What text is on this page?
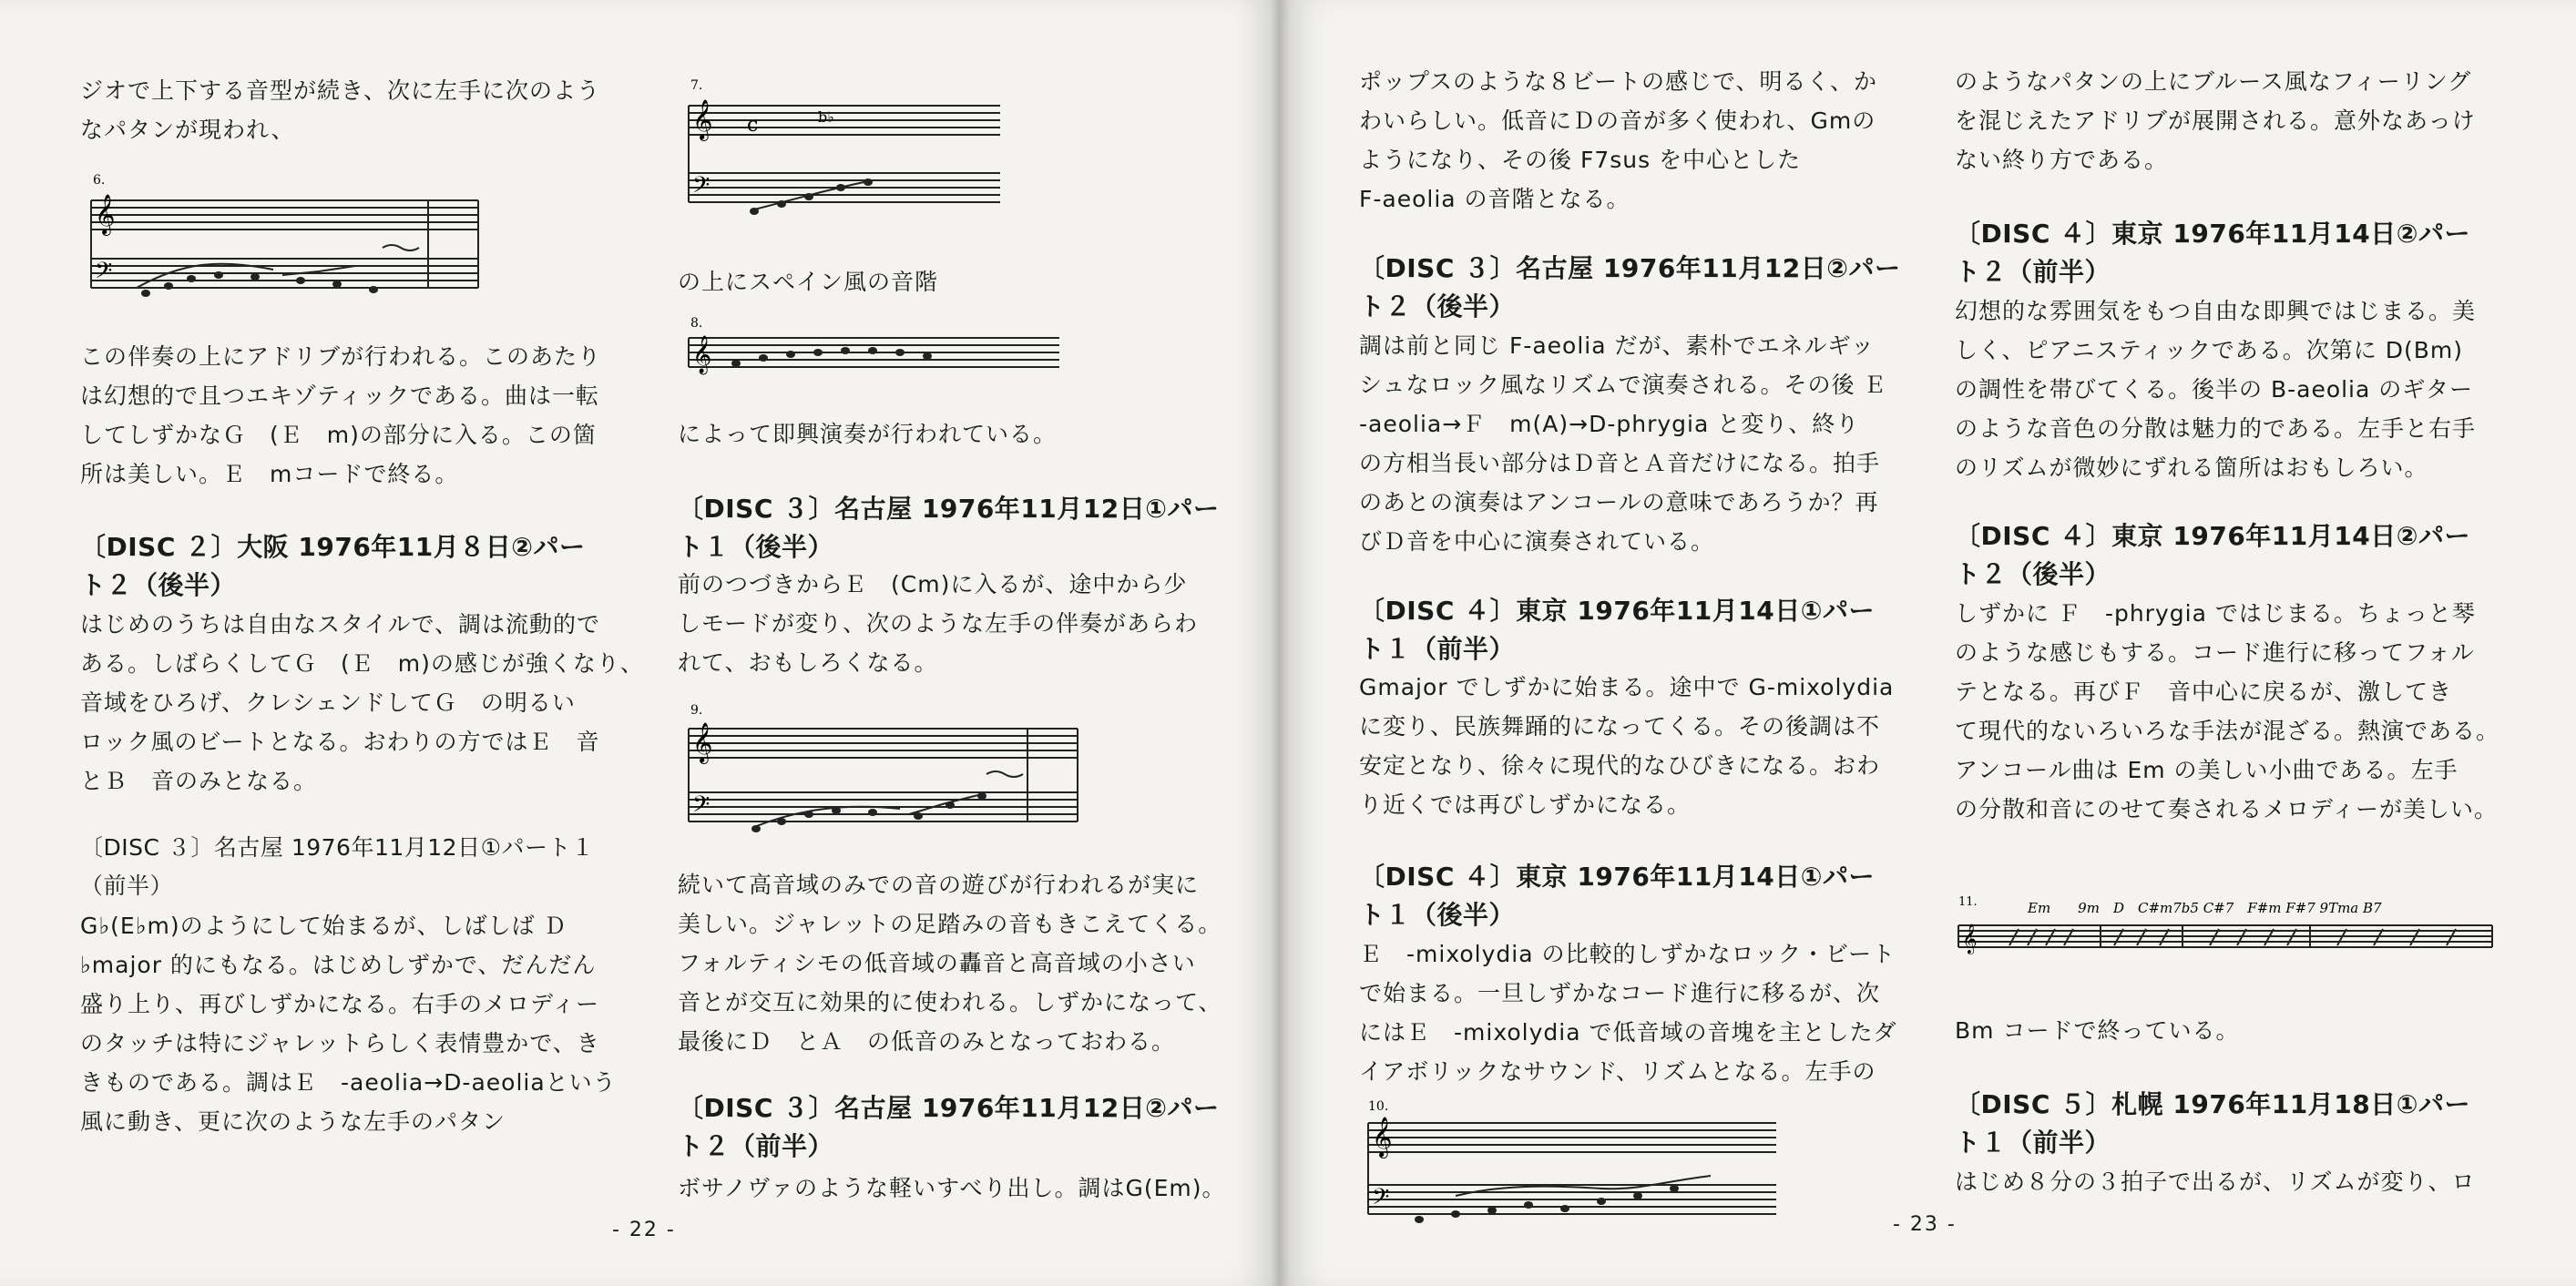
ジオで上下する音型が続き、次に左手に次のよう
なパタンが現われ、
6.
𝄞
𝄢
この伴奏の上にアドリブが行われる。このあたり
は幻想的で且つエキゾティックである。曲は一転
してしずかなＧ　(Ｅ　m)の部分に入る。この箇
所は美しい。Ｅ　mコードで終る。
〔DISC ２〕大阪 1976年11月８日②パー
ト２（後半）
はじめのうちは自由なスタイルで、調は流動的で
ある。しばらくしてＧ　(Ｅ　m)の感じが強くなり、
音域をひろげ、クレシェンドしてＧ　の明るい
ロック風のビートとなる。おわりの方ではＥ　音
とＢ　音のみとなる。
〔DISC ３〕名古屋 1976年11月12日①パート１
（前半）
G♭(E♭m)のようにして始まるが、しばしば Ｄ
♭major 的にもなる。はじめしずかで、だんだん
盛り上り、再びしずかになる。右手のメロディー
のタッチは特にジャレットらしく表情豊かで、き
きものである。調はＥ　-aeolia→D-aeoliaという
風に動き、更に次のような左手のパタン
7.
𝄞
𝄢
c	b♭
の上にスペイン風の音階
8.
𝄞
によって即興演奏が行われている。
〔DISC ３〕名古屋 1976年11月12日①パー
ト１（後半）
前のつづきからＥ　(Cm)に入るが、途中から少
しモードが変り、次のような左手の伴奏があらわ
れて、おもしろくなる。
9.
𝄞
𝄢
続いて高音域のみでの音の遊びが行われるが実に
美しい。ジャレットの足踏みの音もきこえてくる。
フォルティシモの低音域の轟音と高音域の小さい
音とが交互に効果的に使われる。しずかになって、
最後にＤ　とＡ　の低音のみとなっておわる。
〔DISC ３〕名古屋 1976年11月12日②パー
ト２（前半）
ボサノヴァのような軽いすべり出し。調はG(Em)。
- 22 -
ポップスのような８ビートの感じで、明るく、か
わいらしい。低音にＤの音が多く使われ、Gmの
ようになり、その後 F7sus を中心とした
F-aeolia の音階となる。
〔DISC ３〕名古屋 1976年11月12日②パー
ト２（後半）
調は前と同じ F-aeolia だが、素朴でエネルギッ
シュなロック風なリズムで演奏される。その後 Ｅ
-aeolia→Ｆ　m(A)→D-phrygia と変り、終り
の方相当長い部分はＤ音とＡ音だけになる。拍手
のあとの演奏はアンコールの意味であろうか？再
びＤ音を中心に演奏されている。
〔DISC ４〕東京 1976年11月14日①パー
ト１（前半）
Gmajor でしずかに始まる。途中で G-mixolydia
に変り、民族舞踊的になってくる。その後調は不
安定となり、徐々に現代的なひびきになる。おわ
り近くでは再びしずかになる。
〔DISC ４〕東京 1976年11月14日①パー
ト１（後半）
Ｅ　-mixolydia の比較的しずかなロック・ビート
で始まる。一旦しずかなコード進行に移るが、次
にはＥ　-mixolydia で低音域の音塊を主としたダ
イアボリックなサウンド、リズムとなる。左手の
10.
𝄞
𝄢
- 23 -
のようなパタンの上にブルース風なフィーリング
を混じえたアドリブが展開される。意外なあっけ
ない終り方である。
〔DISC ４〕東京 1976年11月14日②パー
ト２（前半）
幻想的な雰囲気をもつ自由な即興ではじまる。美
しく、ピアニスティックである。次第に D(Bm)
の調性を帯びてくる。後半の B-aeolia のギター
のような音色の分散は魅力的である。左手と右手
のリズムが微妙にずれる箇所はおもしろい。
〔DISC ４〕東京 1976年11月14日②パー
ト２（後半）
しずかに Ｆ　-phrygia ではじまる。ちょっと琴
のような感じもする。コード進行に移ってフォル
テとなる。再びＦ　音中心に戻るが、激してき
て現代的ないろいろな手法が混ざる。熱演である。
アンコール曲は Em の美しい小曲である。左手
の分散和音にのせて奏されるメロディーが美しい。
11.	Em　　9m　D　C#m7b5 C#7　F#m F#7 9Tma B7
𝄞
Bm コードで終っている。
〔DISC ５〕札幌 1976年11月18日①パー
ト１（前半）
はじめ８分の３拍子で出るが、リズムが変り、ロ
